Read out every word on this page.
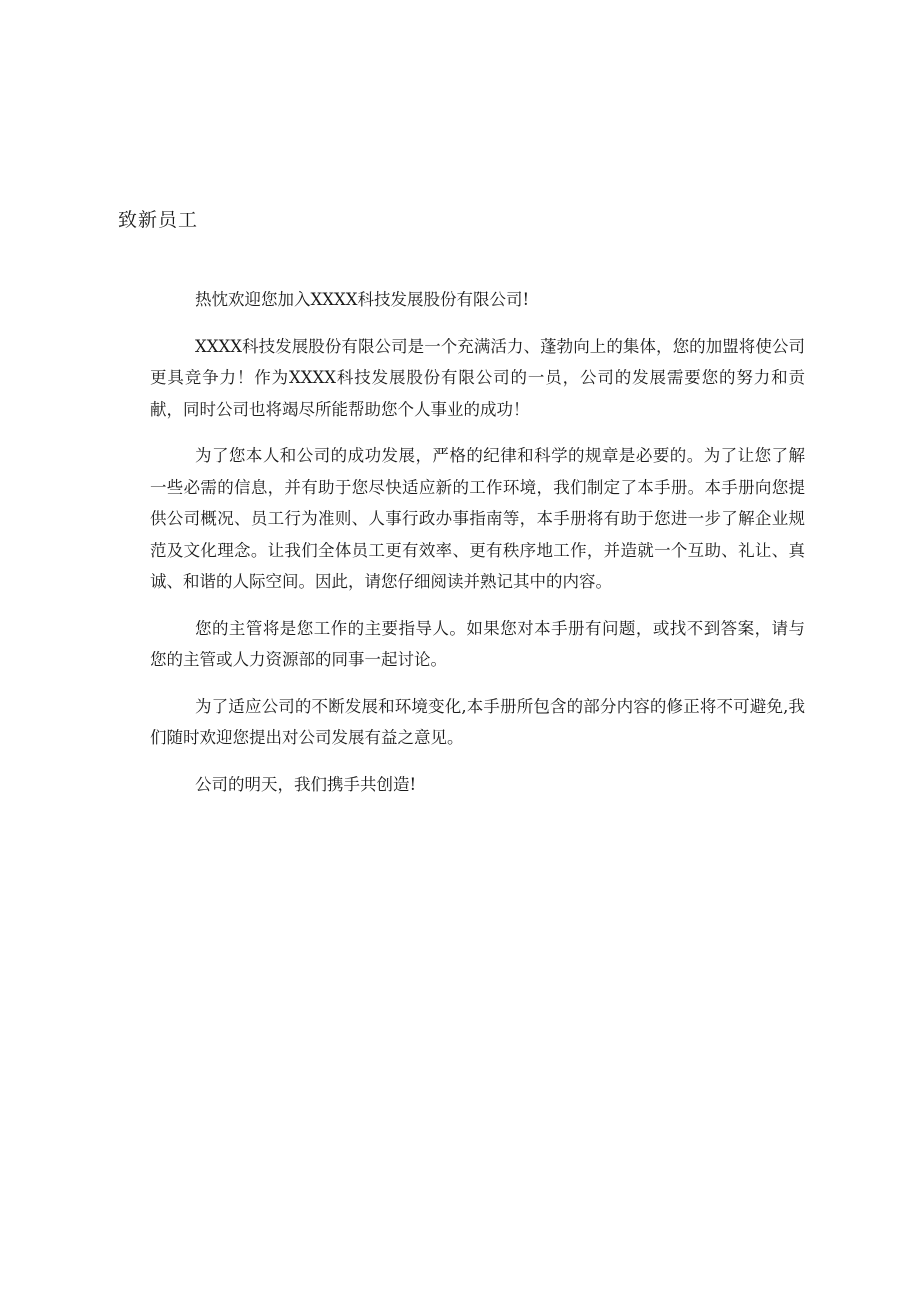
致新员工

热忱欢迎您加入XXXX科技发展股份有限公司!

XXXX科技发展股份有限公司是一个充满活力、蓬勃向上的集体，您的加盟将使公司更具竞争力！作为XXXX科技发展股份有限公司的一员，公司的发展需要您的努力和贡献，同时公司也将竭尽所能帮助您个人事业的成功！

为了您本人和公司的成功发展，严格的纪律和科学的规章是必要的。为了让您了解一些必需的信息，并有助于您尽快适应新的工作环境，我们制定了本手册。本手册向您提供公司概况、员工行为准则、人事行政办事指南等，本手册将有助于您进一步了解企业规范及文化理念。让我们全体员工更有效率、更有秩序地工作，并造就一个互助、礼让、真诚、和谐的人际空间。因此，请您仔细阅读并熟记其中的内容。

您的主管将是您工作的主要指导人。如果您对本手册有问题，或找不到答案，请与您的主管或人力资源部的同事一起讨论。

为了适应公司的不断发展和环境变化,本手册所包含的部分内容的修正将不可避免,我们随时欢迎您提出对公司发展有益之意见。

公司的明天，我们携手共创造!
